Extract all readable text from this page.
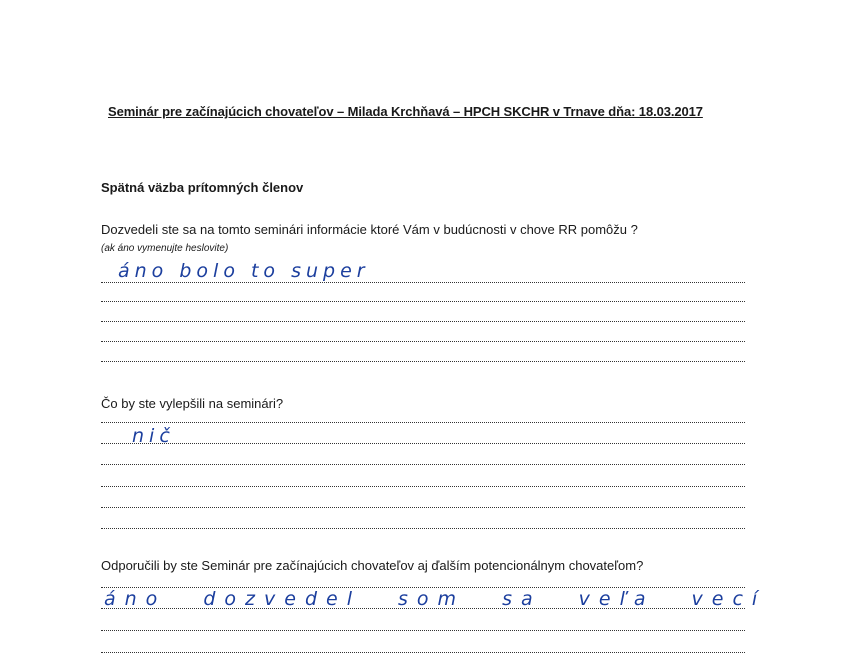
Seminár pre začínajúcich chovateľov – Milada Krchňavá – HPCH SKCHR v Trnave dňa: 18.03.2017
Spätná väzba prítomných členov
Dozvedeli ste sa na tomto seminári informácie ktoré Vám v budúcnosti v chove RR pomôžu ?
(ak áno vymenujte heslovite)
áno bolo to super
Čo by ste vylepšili na seminári?
nič
Odporučili by ste Seminár pre začínajúcich chovateľov aj ďalším potencionálnym chovateľom?
áno dozvedel som sa veľa vecí
